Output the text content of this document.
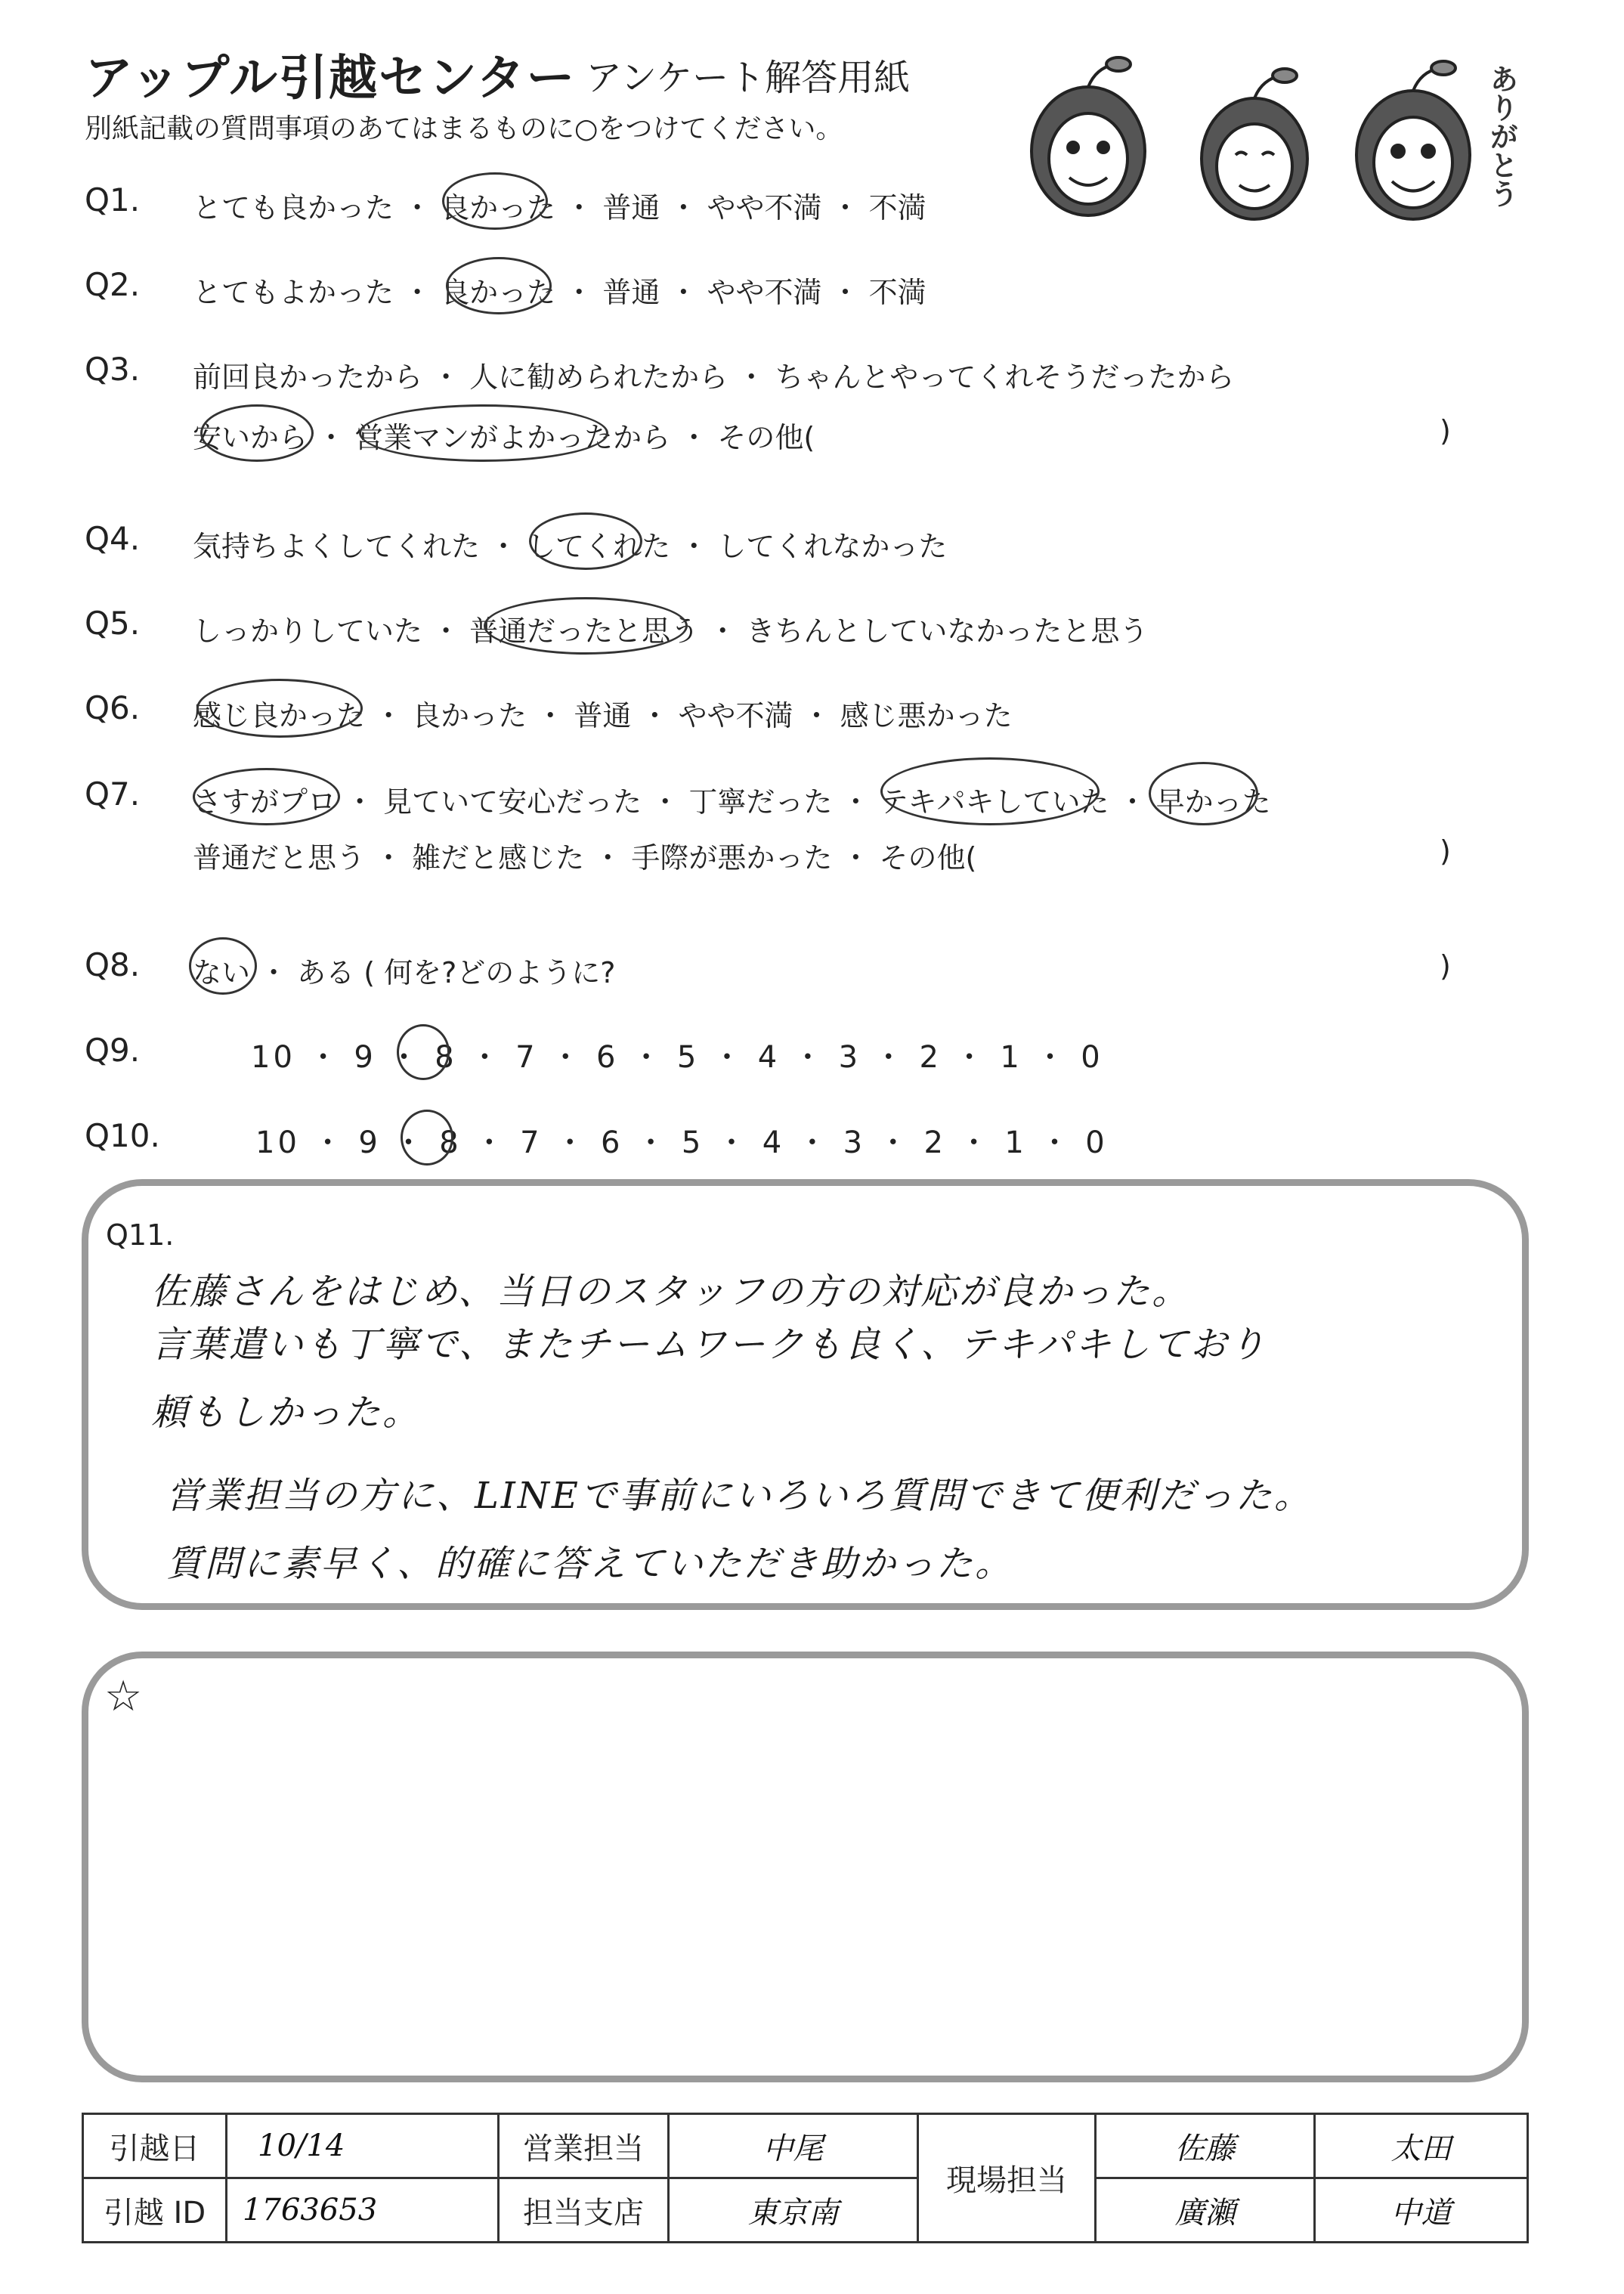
アップル引越センター アンケート解答用紙
別紙記載の質問事項のあてはまるものに○をつけてください。	ありがとう
Q1. とても良かった ・ 良かった ・ 普通 ・ やや不満 ・ 不満
Q2. とてもよかった ・ 良かった ・ 普通 ・ やや不満 ・ 不満
Q3. 前回良かったから ・ 人に勧められたから ・ ちゃんとやってくれそうだったから
安いから ・ 営業マンがよかったから ・ その他(	)
Q4. 気持ちよくしてくれた ・ してくれた ・ してくれなかった
Q5. しっかりしていた ・ 普通だったと思う ・ きちんとしていなかったと思う
Q6. 感じ良かった ・ 良かった ・ 普通 ・ やや不満 ・ 感じ悪かった
Q7. さすがプロ ・ 見ていて安心だった ・ 丁寧だった ・ テキパキしていた ・ 早かった
普通だと思う ・ 雑だと感じた ・ 手際が悪かった ・ その他(	)
Q8. ない ・ ある ( 何を?どのように?	)
Q9.	10 ・ 9 ・ 8 ・ 7 ・ 6 ・ 5 ・ 4 ・ 3 ・ 2 ・ 1 ・ 0
Q10.	10 ・ 9 ・ 8 ・ 7 ・ 6 ・ 5 ・ 4 ・ 3 ・ 2 ・ 1 ・ 0
Q11.
佐藤さんをはじめ、当日のスタッフの方の対応が良かった。
言葉遣いも丁寧で、またチームワークも良く、テキパキしており
頼もしかった。
営業担当の方に、LINEで事前にいろいろ質問できて便利だった。
質問に素早く、的確に答えていただき助かった。
☆
引越日	10/14	営業担当	中尾	現場担当	佐藤	太田
引越 ID	1763653	担当支店	東京南		廣瀬	中道
